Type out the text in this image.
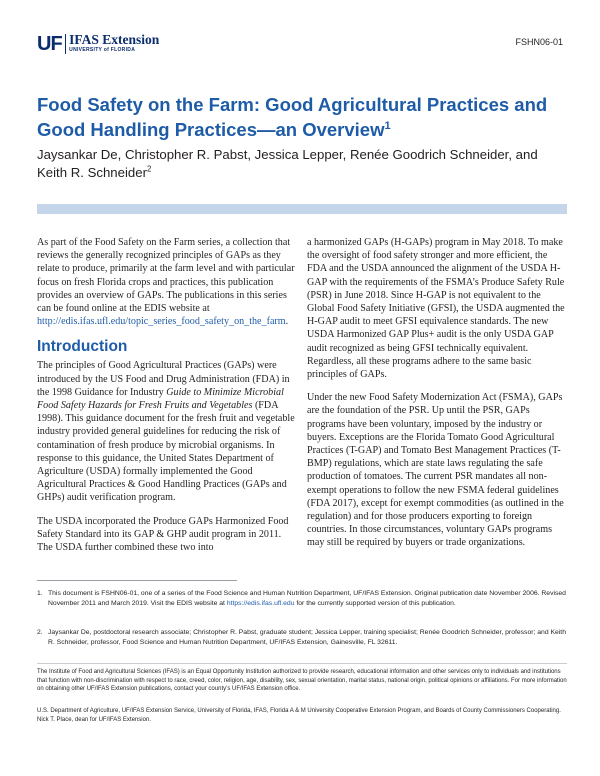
UF IFAS Extension
UNIVERSITY of FLORIDA
FSHN06-01
Food Safety on the Farm: Good Agricultural Practices and Good Handling Practices—an Overview$^1$

Jaysankar De, Christopher R. Pabst, Jessica Lepper, Renée Goodrich Schneider, and Keith R. Schneider$^2$

As part of the Food Safety on the Farm series, a collection that reviews the generally recognized principles of GAPs as they relate to produce, primarily at the farm level and with particular focus on fresh Florida crops and practices, this publication provides an overview of GAPs. The publications in this series can be found online at the EDIS website at http://edis.ifas.ufl.edu/topic_series_food_safety_on_the_farm.

Introduction

The principles of Good Agricultural Practices (GAPs) were introduced by the US Food and Drug Administration (FDA) in the 1998 Guidance for Industry Guide to Minimize Microbial Food Safety Hazards for Fresh Fruits and Vegetables (FDA 1998). This guidance document for the fresh fruit and vegetable industry provided general guidelines for reducing the risk of contamination of fresh produce by microbial organisms. In response to this guidance, the United States Department of Agriculture (USDA) formally implemented the Good Agricultural Practices & Good Handling Practices (GAPs and GHPs) audit verification program.

The USDA incorporated the Produce GAPs Harmonized Food Safety Standard into its GAP & GHP audit program in 2011. The USDA further combined these two into

a harmonized GAPs (H-GAPs) program in May 2018. To make the oversight of food safety stronger and more efficient, the FDA and the USDA announced the alignment of the USDA H-GAP with the requirements of the FSMA’s Produce Safety Rule (PSR) in June 2018. Since H-GAP is not equivalent to the Global Food Safety Initiative (GFSI), the USDA augmented the H-GAP audit to meet GFSI equivalence standards. The new USDA Harmonized GAP Plus+ audit is the only USDA GAP audit recognized as being GFSI technically equivalent. Regardless, all these programs adhere to the same basic principles of GAPs.

Under the new Food Safety Modernization Act (FSMA), GAPs are the foundation of the PSR. Up until the PSR, GAPs programs have been voluntary, imposed by the industry or buyers. Exceptions are the Florida Tomato Good Agricultural Practices (T-GAP) and Tomato Best Management Practices (T-BMP) regulations, which are state laws regulating the safe production of tomatoes. The current PSR mandates all non-exempt operations to follow the new FSMA federal guidelines (FDA 2017), except for exempt commodities (as outlined in the regulation) and for those producers exporting to foreign countries. In those circumstances, voluntary GAPs programs may still be required by buyers or trade organizations.

1. This document is FSHN06-01, one of a series of the Food Science and Human Nutrition Department, UF/IFAS Extension. Original publication date November 2006. Revised November 2011 and March 2019. Visit the EDIS website at https://edis.ifas.ufl.edu for the currently supported version of this publication.
2. Jaysankar De, postdoctoral research associate; Christopher R. Pabst, graduate student; Jessica Lepper, training specialist; Renée Goodrich Schneider, professor; and Keith R. Schneider, professor, Food Science and Human Nutrition Department, UF/IFAS Extension, Gainesville, FL 32611.
The Institute of Food and Agricultural Sciences (IFAS) is an Equal Opportunity Institution authorized to provide research, educational information and other services only to individuals and institutions that function with non-discrimination with respect to race, creed, color, religion, age, disability, sex, sexual orientation, marital status, national origin, political opinions or affiliations. For more information on obtaining other UF/IFAS Extension publications, contact your county’s UF/IFAS Extension office.
U.S. Department of Agriculture, UF/IFAS Extension Service, University of Florida, IFAS, Florida A & M University Cooperative Extension Program, and Boards of County Commissioners Cooperating. Nick T. Place, dean for UF/IFAS Extension.
